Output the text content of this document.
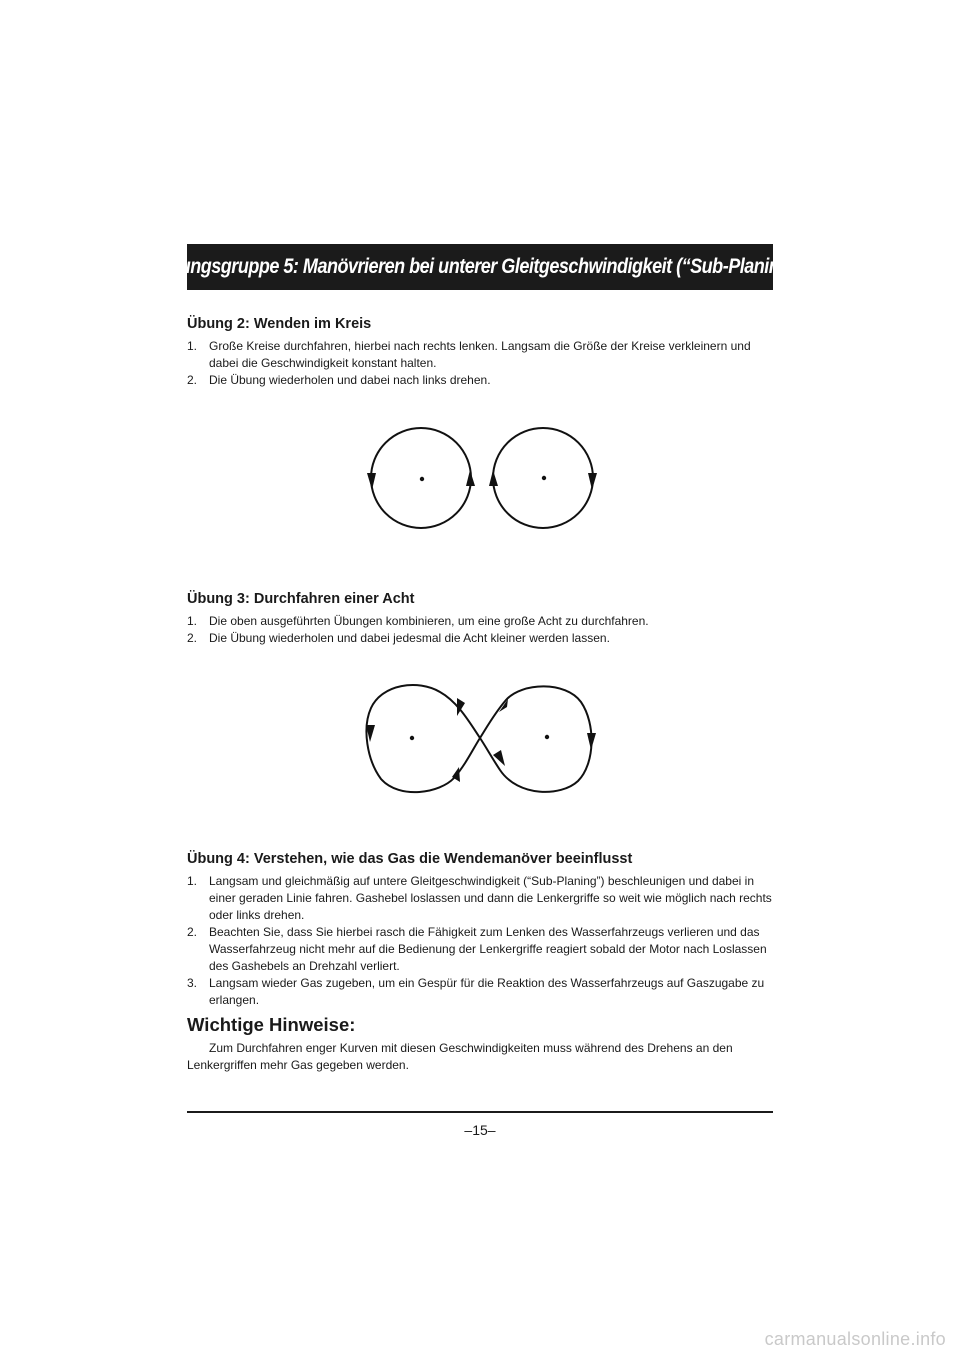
Übungsgruppe 5: Manövrieren bei unterer Gleitgeschwindigkeit (“Sub-Planing”)
Übung 2: Wenden im Kreis
1. Große Kreise durchfahren, hierbei nach rechts lenken. Langsam die Größe der Kreise verkleinern und dabei die Geschwindigkeit konstant halten.
2. Die Übung wiederholen und dabei nach links drehen.
Übung 3: Durchfahren einer Acht
1. Die oben ausgeführten Übungen kombinieren, um eine große Acht zu durchfahren.
2. Die Übung wiederholen und dabei jedesmal die Acht kleiner werden lassen.
Übung 4: Verstehen, wie das Gas die Wendemanöver beeinflusst
1. Langsam und gleichmäßig auf untere Gleitgeschwindigkeit (“Sub-Planing”) beschleunigen und dabei in einer geraden Linie fahren. Gashebel loslassen und dann die Lenkergriffe so weit wie möglich nach rechts oder links drehen.
2. Beachten Sie, dass Sie hierbei rasch die Fähigkeit zum Lenken des Wasserfahrzeugs verlieren und das Wasserfahrzeug nicht mehr auf die Bedienung der Lenkergriffe reagiert sobald der Motor nach Loslassen des Gashebels an Drehzahl verliert.
3. Langsam wieder Gas zugeben, um ein Gespür für die Reaktion des Wasserfahrzeugs auf Gaszugabe zu erlangen.
Wichtige Hinweise:

Zum Durchfahren enger Kurven mit diesen Geschwindigkeiten muss während des Drehens an den Lenkergriffen mehr Gas gegeben werden.

–15–
carmanualsonline.info
